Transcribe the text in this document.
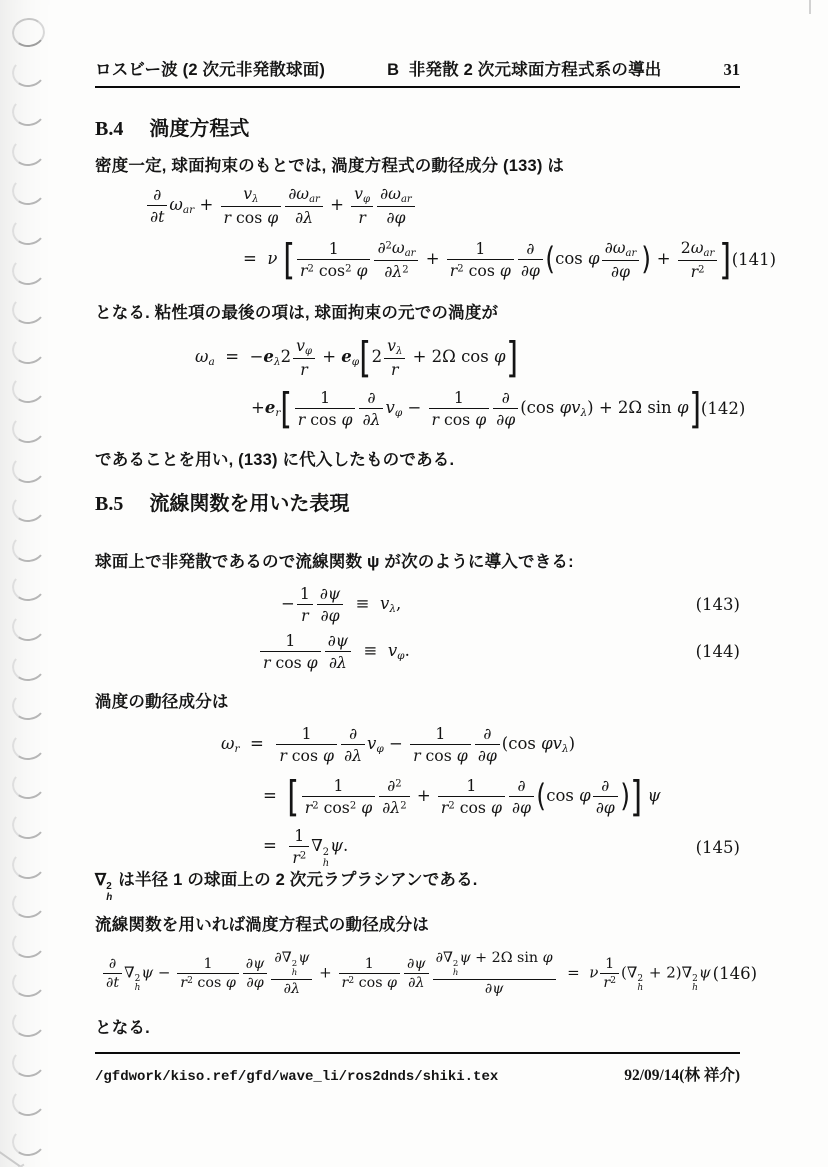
ロスビー波 (2 次元非発散球面)	B  非発散 2 次元球面方程式系の導出	31
B.4 渦度方程式
密度一定, 球面拘束のもとでは, 渦度方程式の動径成分 (133) は
∂
∂t
$\omega_{ar} + \frac{v_\lambda}{\text{r cos φ}} \partial\omega_{ar}$
∂λ
+ $\frac{v_\varphi}{r} \partial\omega_{ar}$
∂φ
=  ν [ $\frac{1}{r^2 \cos^2 \varphi} \partial^2\omega_{ar}$
$\partial\lambda^2$
+ $\frac{1}{r^2 \cos \varphi}$ ∂
∂φ (cos φ
$\partial\omega_{ar}$
∂φ ) +
$2\omega_{ar}$
$r^2$ ] (141)
となる. 粘性項の最後の項は, 球面拘束の元での渦度が
$\omega_a = -e_\lambda 2 \frac{v_\varphi}{r} + e_\varphi[2 \frac{v_\lambda}{r} + 2\Omega$ cos φ]
$+e_r[ \frac{1}{\text{r cos φ}}$ ∂
∂λ
$v_\varphi - \frac{1}{\text{r cos φ}}$ ∂
∂φ
(cos $\varphi v_\lambda) + 2\Omega$ sin φ] (142)
であることを用い, (133) に代入したものである.
B.5 流線関数を用いた表現
球面上で非発散であるので流線関数 ψ が次のように導入できる:
− $\frac{1}{r} \frac{\partial\psi}{\partial\varphi} \equiv v_\lambda$,	(143)
$\frac{1}{\text{r cos φ}} \frac{\partial\psi}{\partial\lambda} \equiv v_\varphi$.	(144)
渦度の動径成分は
$\omega_r = \frac{1}{\text{r cos φ}}$ ∂
∂λ
$v_\varphi - \frac{1}{\text{r cos φ}}$ ∂
∂φ
(cos $\varphi v_\lambda$)
=  [ $\frac{1}{r^2 \cos^2 \varphi} \frac{\partial^2}{\partial\lambda^2} + \frac{1}{r^2 \cos \varphi}$ ∂
∂φ (cos φ
∂
∂φ )] ψ
= $\frac{1}{r^2}$ ∇ 2
h
ψ.	(145)
∇ 2
h
は半径 1 の球面上の 2 次元ラプラシアンである.
流線関数を用いれば渦度方程式の動径成分は
∂
∂t
∇ 2
h
$\psi - \frac{1}{r^2 \cos \varphi} \frac{\partial\psi}{\partial\varphi}$ ∂∇ 2
h
ψ
$\partial\lambda + \frac{1}{r^2 \cos \varphi} \frac{\partial\psi}{\partial\lambda}$ ∂∇ 2
h
ψ + 2Ω sin φ
∂ψ =  ν $\frac{1}{r^2}$ (∇ 2
h
+ 2)∇ 2
h
ψ (146)
となる.
/gfdwork/kiso.ref/gfd/wave_li/ros2dnds/shiki.tex	92/09/14(林 祥介)
